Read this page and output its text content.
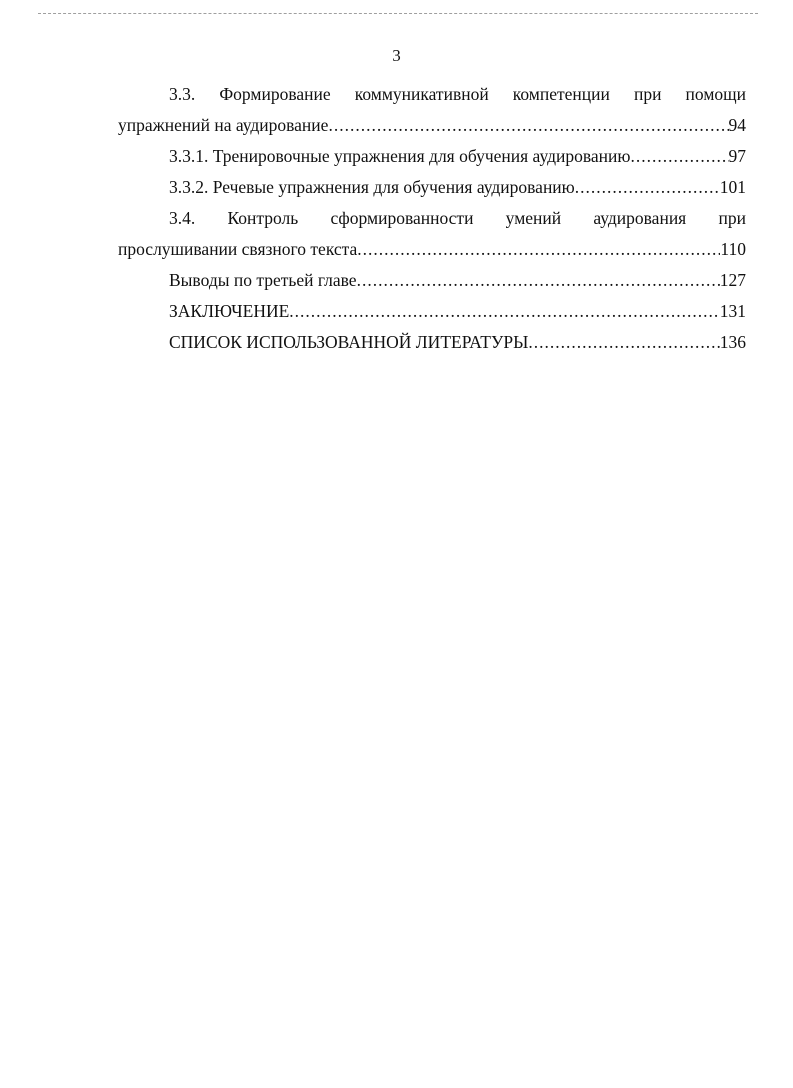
3
3.3. Формирование коммуникативной компетенции при помощи
упражнений на аудирование .....	94
3.3.1. Тренировочные упражнения для обучения аудированию .....	97
3.3.2. Речевые упражнения для обучения аудированию .....	101
3.4. Контроль сформированности умений аудирования при
прослушивании связного текста .....	110
Выводы по третьей главе .....	127
ЗАКЛЮЧЕНИЕ .....	131
СПИСОК ИСПОЛЬЗОВАННОЙ ЛИТЕРАТУРЫ .....	136
